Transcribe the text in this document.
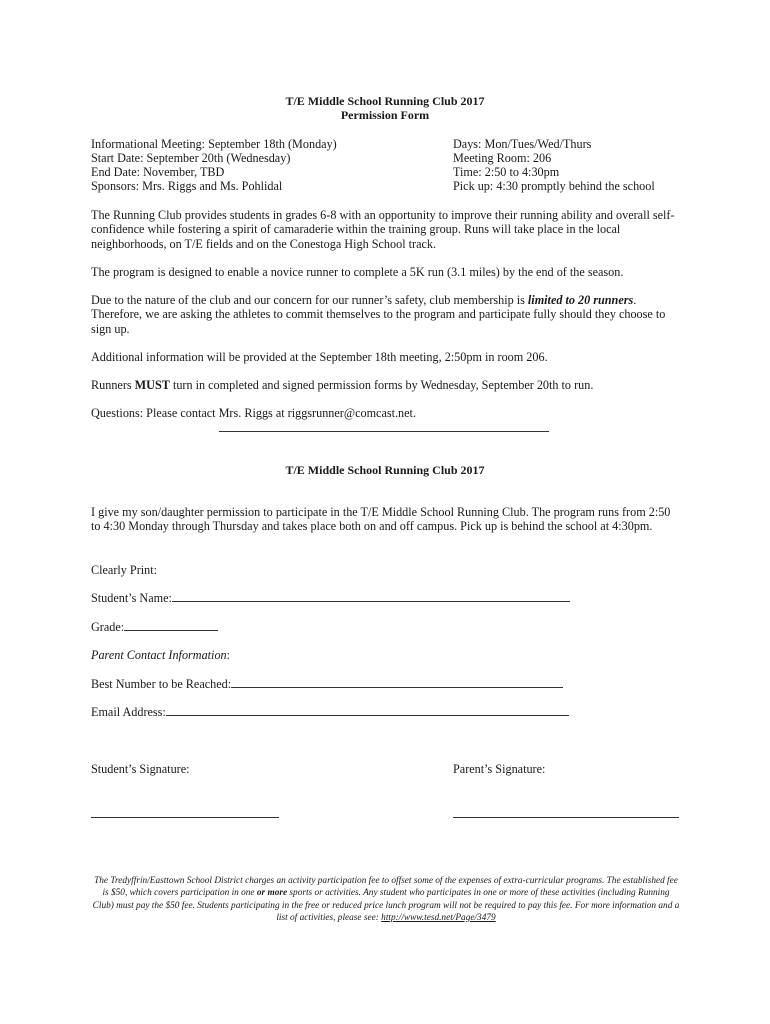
T/E Middle School Running Club 2017
Permission Form
Informational Meeting: September 18th (Monday)
Start Date: September 20th (Wednesday)
End Date: November, TBD
Sponsors: Mrs. Riggs and Ms. Pohlidal
Days: Mon/Tues/Wed/Thurs
Meeting Room: 206
Time: 2:50 to 4:30pm
Pick up: 4:30 promptly behind the school
The Running Club provides students in grades 6-8 with an opportunity to improve their running ability and overall self-confidence while fostering a spirit of camaraderie within the training group. Runs will take place in the local neighborhoods, on T/E fields and on the Conestoga High School track.
The program is designed to enable a novice runner to complete a 5K run (3.1 miles) by the end of the season.
Due to the nature of the club and our concern for our runner’s safety, club membership is limited to 20 runners. Therefore, we are asking the athletes to commit themselves to the program and participate fully should they choose to sign up.
Additional information will be provided at the September 18th meeting, 2:50pm in room 206.
Runners MUST turn in completed and signed permission forms by Wednesday, September 20th to run.
Questions: Please contact Mrs. Riggs at riggsrunner@comcast.net.
T/E Middle School Running Club 2017
I give my son/daughter permission to participate in the T/E Middle School Running Club. The program runs from 2:50 to 4:30 Monday through Thursday and takes place both on and off campus. Pick up is behind the school at 4:30pm.
Clearly Print:
Student’s Name:
Grade:
Parent Contact Information:
Best Number to be Reached:
Email Address:
Student’s Signature:	Parent’s Signature:
The Tredyffrin/Easttown School District charges an activity participation fee to offset some of the expenses of extra-curricular programs. The established fee is $50, which covers participation in one or more sports or activities. Any student who participates in one or more of these activities (including Running Club) must pay the $50 fee. Students participating in the free or reduced price lunch program will not be required to pay this fee. For more information and a list of activities, please see: http://www.tesd.net/Page/3479
